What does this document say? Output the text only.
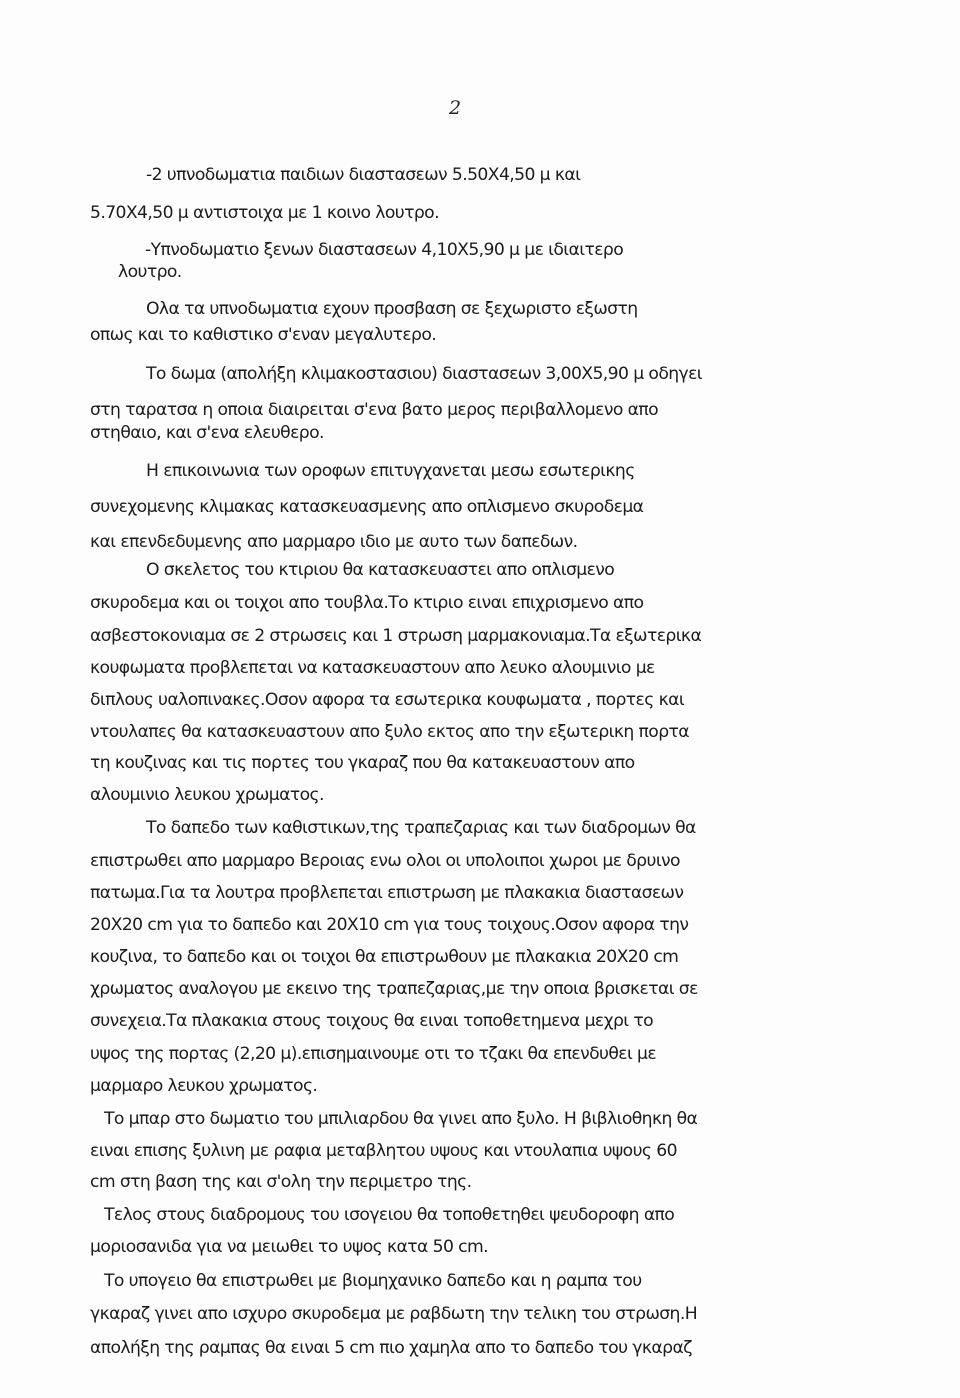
2
-2 υπνοδωματια παιδιων διαστασεων 5.50Χ4,50 μ και
5.70Χ4,50 μ αντιστοιχα με 1 κοινο λουτρο.
-Υπνοδωματιο ξενων διαστασεων 4,10Χ5,90 μ με ιδιαιτερο
λουτρο.
Ολα τα υπνοδωματια εχουν προσβαση σε ξεχωριστο εξωστη
οπως και το καθιστικο σ'εναν μεγαλυτερο.
Το δωμα (απολήξη κλιμακοστασιου) διαστασεων 3,00Χ5,90 μ οδηγει
στη ταρατσα η οποια διαιρειται σ'ενα βατο μερος περιβαλλομενο απο
στηθαιο, και σ'ενα ελευθερο.
Η επικοινωνια των οροφων επιτυγχανεται μεσω εσωτερικης
συνεχομενης κλιμακας κατασκευασμενης απο οπλισμενο σκυροδεμα
και επενδεδυμενης απο μαρμαρο ιδιο με αυτο των δαπεδων.
Ο σκελετος του κτιριου θα κατασκευαστει απο οπλισμενο
σκυροδεμα και οι τοιχοι απο τουβλα.Το κτιριο ειναι επιχρισμενο απο
ασβεστοκονιαμα σε 2 στρωσεις και 1 στρωση μαρμακονιαμα.Τα εξωτερικα
κουφωματα προβλεπεται να κατασκευαστουν απο λευκο αλουμινιο με
διπλους υαλοπινακες.Οσον αφορα τα εσωτερικα κουφωματα , πορτες και
ντουλαπες θα κατασκευαστουν απο ξυλο εκτος απο την εξωτερικη πορτα
τη κουζινας και τις πορτες του γκαραζ που θα κατακευαστουν απο
αλουμινιο λευκου χρωματος.
Το δαπεδο των καθιστικων,της τραπεζαριας και των διαδρομων θα
επιστρωθει απο μαρμαρο Βεροιας ενω ολοι οι υπολοιποι χωροι με δρυινο
πατωμα.Για τα λουτρα προβλεπεται επιστρωση με πλακακια διαστασεων
20Χ20 cm για το δαπεδο και 20Χ10 cm για τους τοιχους.Οσον αφορα την
κουζινα, το δαπεδο και οι τοιχοι θα επιστρωθουν με πλακακια 20Χ20 cm
χρωματος αναλογου με εκεινο της τραπεζαριας,με την οποια βρισκεται σε
συνεχεια.Τα πλακακια στους τοιχους θα ειναι τοποθετημενα μεχρι το
υψος της πορτας (2,20 μ).επισημαινουμε οτι το τζακι θα επενδυθει με
μαρμαρο λευκου χρωματος.
Το μπαρ στο δωματιο του μπιλιαρδου θα γινει απο ξυλο. Η βιβλιοθηκη θα
ειναι επισης ξυλινη με ραφια μεταβλητου υψους και ντουλαπια υψους 60
cm στη βαση της και σ'ολη την περιμετρο της.
Τελος στους διαδρομους του ισογειου θα τοποθετηθει ψευδοροφη απο
μοριοσανιδα για να μειωθει το υψος κατα 50 cm.
Το υπογειο θα επιστρωθει με βιομηχανικο δαπεδο και η ραμπα του
γκαραζ γινει απο ισχυρο σκυροδεμα με ραβδωτη την τελικη του στρωση.Η
απολήξη της ραμπας θα ειναι 5 cm πιο χαμηλα απο το δαπεδο του γκαραζ
